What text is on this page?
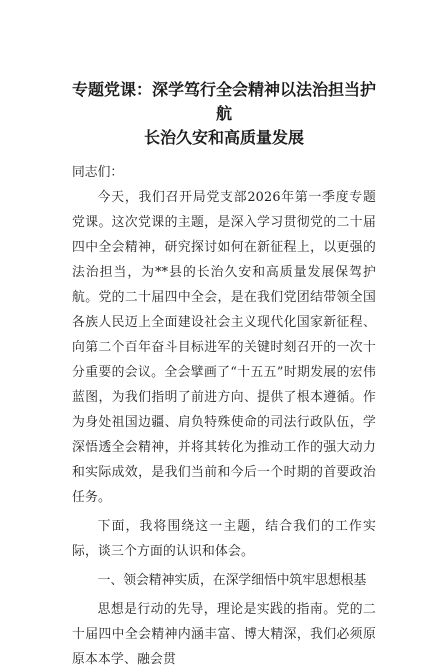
专题党课：深学笃行全会精神以法治担当护航
长治久安和高质量发展

同志们：

今天，我们召开局党支部2026年第一季度专题党课。这次党课的主题，是深入学习贯彻党的二十届四中全会精神，研究探讨如何在新征程上，以更强的法治担当，为**县的长治久安和高质量发展保驾护航。党的二十届四中全会，是在我们党团结带领全国各族人民迈上全面建设社会主义现代化国家新征程、向第二个百年奋斗目标进军的关键时刻召开的一次十分重要的会议。全会擘画了“十五五”时期发展的宏伟蓝图，为我们指明了前进方向、提供了根本遵循。作为身处祖国边疆、肩负特殊使命的司法行政队伍，学深悟透全会精神，并将其转化为推动工作的强大动力和实际成效，是我们当前和今后一个时期的首要政治任务。

下面，我将围绕这一主题，结合我们的工作实际，谈三个方面的认识和体会。

一、领会精神实质，在深学细悟中筑牢思想根基

思想是行动的先导，理论是实践的指南。党的二十届四中全会精神内涵丰富、博大精深，我们必须原原本本学、融会贯
